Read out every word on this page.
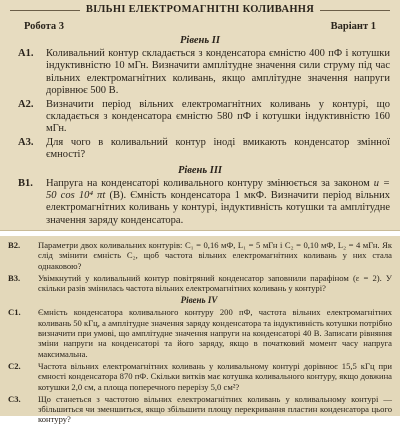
ВІЛЬНІ ЕЛЕКТРОМАГНІТНІ КОЛИВАННЯ
Робота 3	Варіант 1
Рівень II
А1.	Коливальний контур складається з конденсатора ємністю 400 пФ і котушки індуктивністю 10 мГн. Визначити амплітудне значення сили струму під час вільних електромагнітних коливань, якщо амплітудне значення напруги дорівнює 500 В.
А2.	Визначити період вільних електромагнітних коливань у контурі, що складається з конденсатора ємністю 580 пФ і котушки індуктивністю 160 мГн.
А3.	Для чого в коливальний контур іноді вмикають конденсатор змінної ємності?
Рівень III
В1.	Напруга на конденсаторі коливального контуру змінюється за законом u = 50 cos 10⁴ πt (В). Ємність конденсатора 1 мкФ. Визначити період вільних електромагнітних коливань у контурі, індуктивність котушки та амплітудне значення заряду конденсатора.
В2.	Параметри двох коливальних контурів: C₁ = 0,16 мФ, L₁ = 5 мГн і C₂ = 0,10 мФ, L₂ = 4 мГн. Як слід змінити ємність C₂, щоб частота вільних електромагнітних коливань у них стала однаковою?
В3.	Увімкнутий у коливальний контур повітряний конденсатор заповнили парафіном (ε = 2). У скільки разів змінилась частота вільних електромагнітних коливань у контурі?
Рівень IV
С1.	Ємність конденсатора коливального контуру 200 пФ, частота вільних електромагнітних коливань 50 кГц, а амплітудне значення заряду конденсатора та індуктивність котушки потрібно визначити при умові, що амплітудне значення напруги на конденсаторі 40 В. Записати рівняння зміни напруги на конденсаторі та його заряду, якщо в початковий момент часу напруга максимальна.
С2.	Частота вільних електромагнітних коливань у коливальному контурі дорівнює 15,5 кГц при ємності конденсатора 870 пФ. Скільки витків має котушка коливального контуру, якщо довжина котушки 2,0 см, а площа поперечного перерізу 5,0 см²?
С3.	Що станеться з частотою вільних електромагнітних коливань у коливальному контурі — збільшиться чи зменшиться, якщо збільшити площу перекривання пластин конденсатора цього контуру?
